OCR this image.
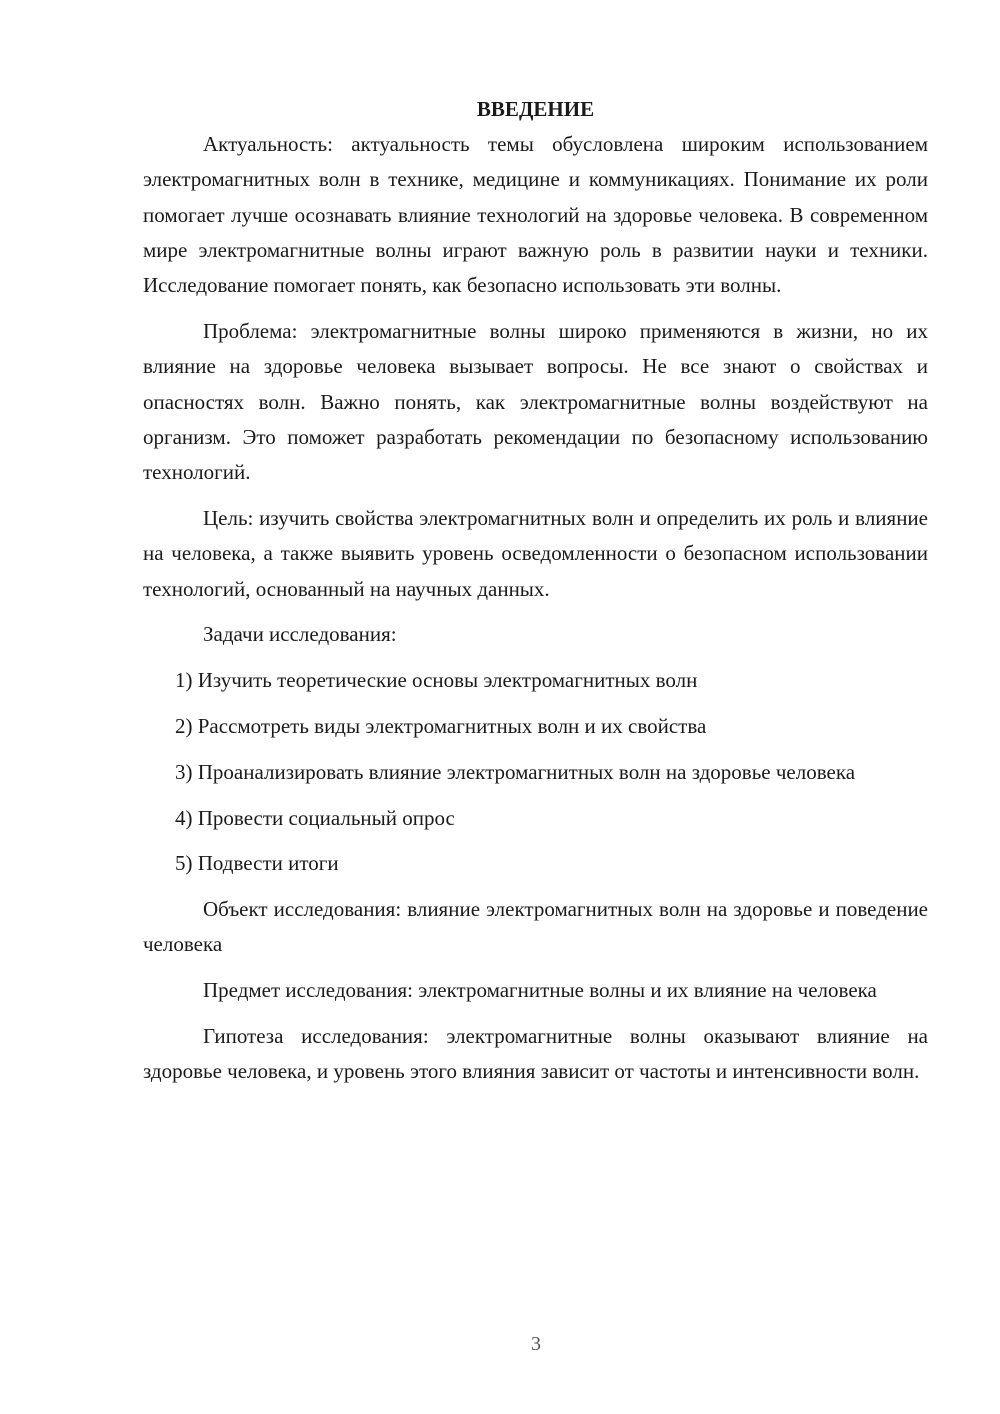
ВВЕДЕНИЕ

Актуальность: актуальность темы обусловлена широким использованием электромагнитных волн в технике, медицине и коммуникациях. Понимание их роли помогает лучше осознавать влияние технологий на здоровье человека. В современном мире электромагнитные волны играют важную роль в развитии науки и техники. Исследование помогает понять, как безопасно использовать эти волны.

Проблема: электромагнитные волны широко применяются в жизни, но их влияние на здоровье человека вызывает вопросы. Не все знают о свойствах и опасностях волн. Важно понять, как электромагнитные волны воздействуют на организм. Это поможет разработать рекомендации по безопасному использованию технологий.

Цель: изучить свойства электромагнитных волн и определить их роль и влияние на человека, а также выявить уровень осведомленности о безопасном использовании технологий, основанный на научных данных.

Задачи исследования:

1) Изучить теоретические основы электромагнитных волн

2) Рассмотреть виды электромагнитных волн и их свойства

3) Проанализировать влияние электромагнитных волн на здоровье человека

4) Провести социальный опрос

5) Подвести итоги

Объект исследования: влияние электромагнитных волн на здоровье и поведение человека

Предмет исследования: электромагнитные волны и их влияние на человека

Гипотеза исследования: электромагнитные волны оказывают влияние на здоровье человека, и уровень этого влияния зависит от частоты и интенсивности волн.

3
